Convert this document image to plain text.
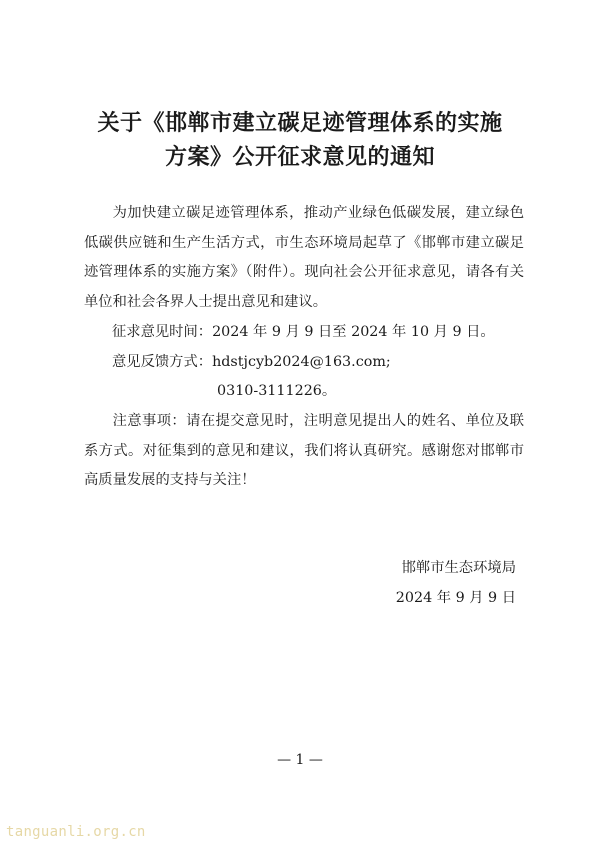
关于《邯郸市建立碳足迹管理体系的实施
方案》公开征求意见的通知

为加快建立碳足迹管理体系，推动产业绿色低碳发展，建立绿色低碳供应链和生产生活方式，市生态环境局起草了《邯郸市建立碳足迹管理体系的实施方案》（附件）。现向社会公开征求意见，请各有关单位和社会各界人士提出意见和建议。

征求意见时间：2024 年 9 月 9 日至 2024 年 10 月 9 日。
意见反馈方式：hdstjcyb2024@163.com;
0310-3111226。

注意事项：请在提交意见时，注明意见提出人的姓名、单位及联系方式。对征集到的意见和建议，我们将认真研究。感谢您对邯郸市高质量发展的支持与关注！

邯郸市生态环境局
2024 年 9 月 9 日
— 1 —
tanguanli.org.cn
